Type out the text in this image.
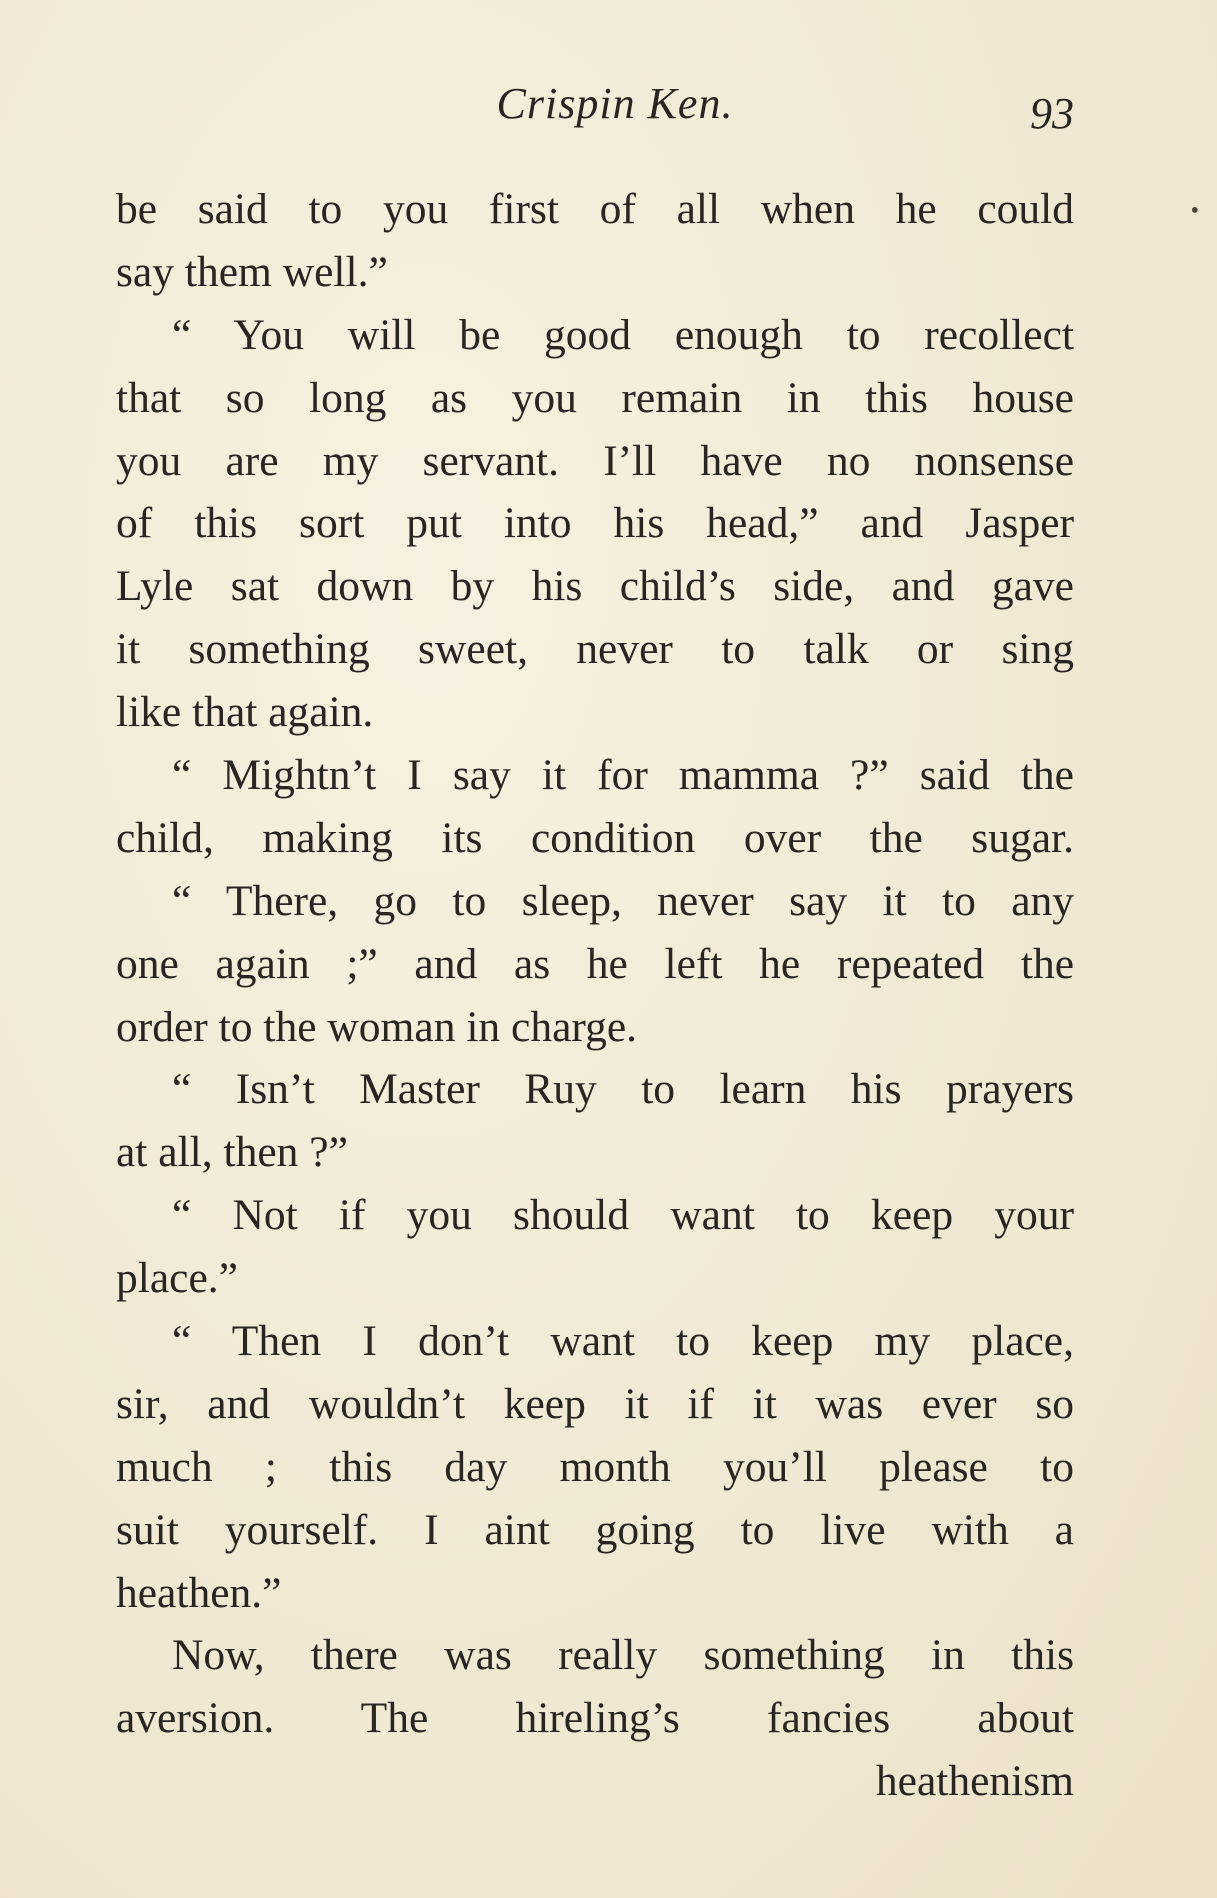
Crispin Ken.	93
•
be said to you first of all when he could
say them well.”
“ You will be good enough to recollect
that so long as you remain in this house
you are my servant. I’ll have no nonsense
of this sort put into his head,” and Jasper
Lyle sat down by his child’s side, and gave
it something sweet, never to talk or sing
like that again.
“ Mightn’t I say it for mamma ?” said the
child, making its condition over the sugar.
“ There, go to sleep, never say it to any
one again ;” and as he left he repeated the
order to the woman in charge.
“ Isn’t Master Ruy to learn his prayers
at all, then ?”
“ Not if you should want to keep your
place.”
“ Then I don’t want to keep my place,
sir, and wouldn’t keep it if it was ever so
much ; this day month you’ll please to
suit yourself. I aint going to live with a
heathen.”
Now, there was really something in this
aversion. The hireling’s fancies about
heathenism
